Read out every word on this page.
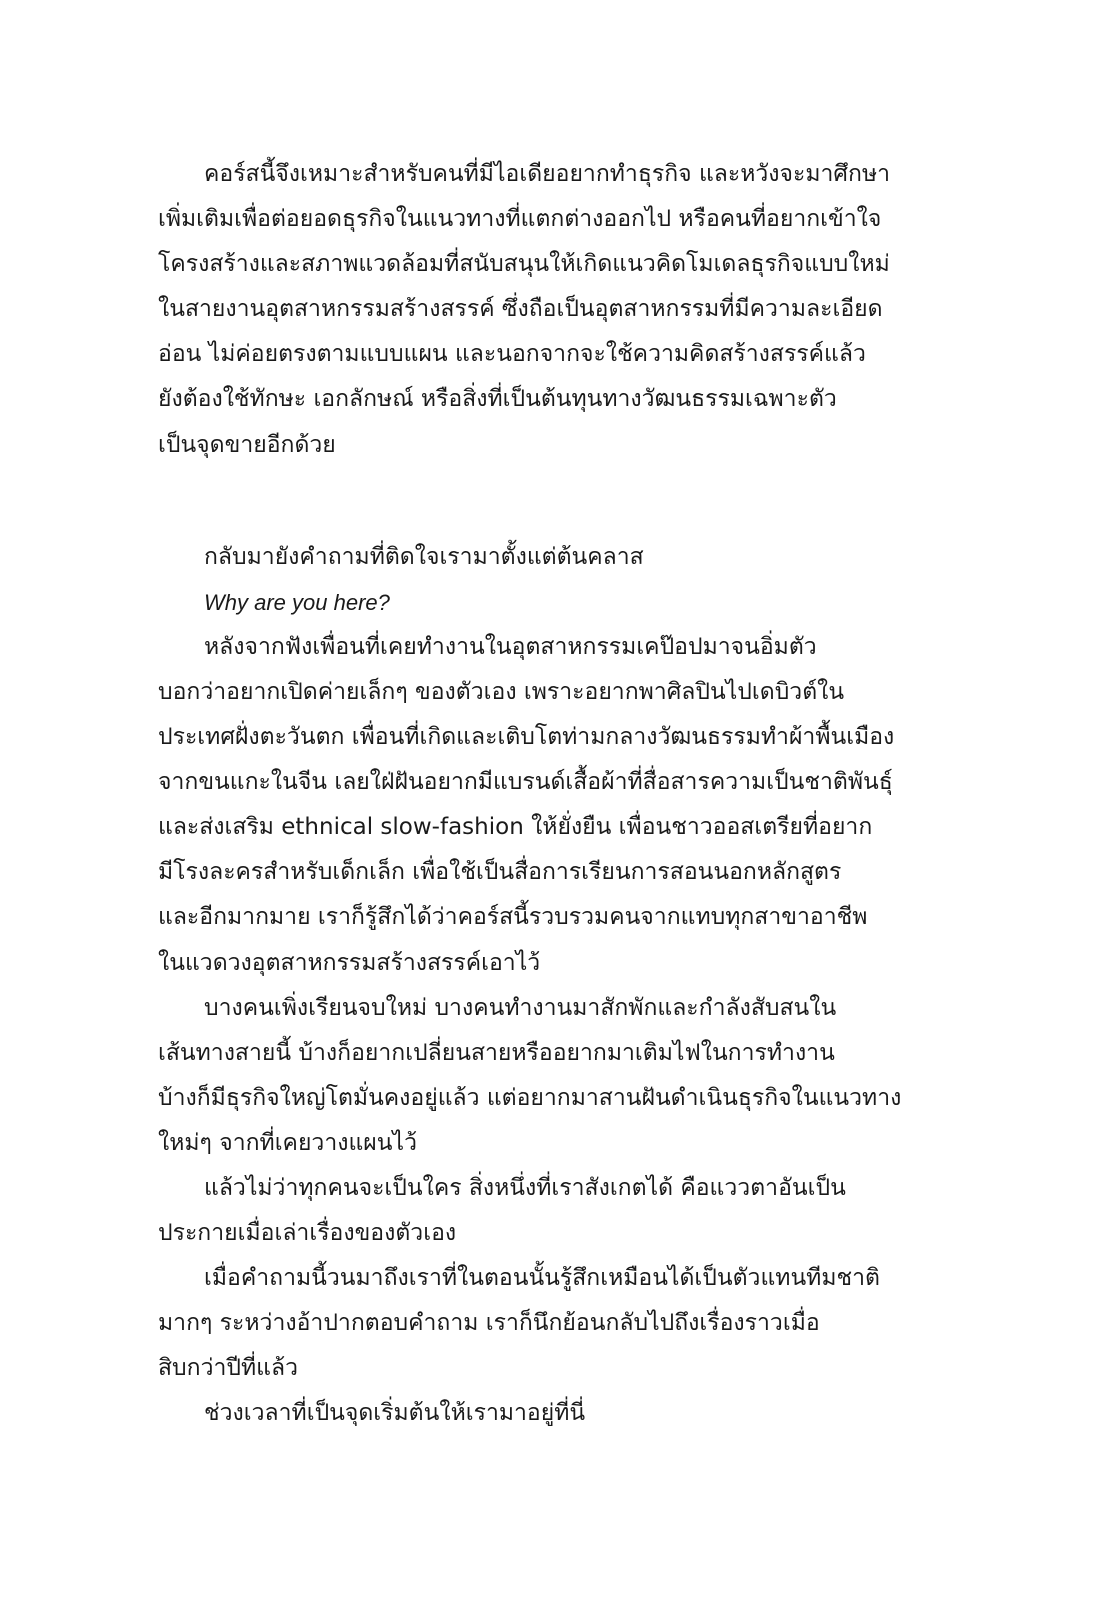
คอร์สนี้จึงเหมาะสำหรับคนที่มีไอเดียอยากทำธุรกิจ และหวังจะมาศึกษา
เพิ่มเติมเพื่อต่อยอดธุรกิจในแนวทางที่แตกต่างออกไป หรือคนที่อยากเข้าใจ
โครงสร้างและสภาพแวดล้อมที่สนับสนุนให้เกิดแนวคิดโมเดลธุรกิจแบบใหม่
ในสายงานอุตสาหกรรมสร้างสรรค์ ซึ่งถือเป็นอุตสาหกรรมที่มีความละเอียด
อ่อน ไม่ค่อยตรงตามแบบแผน และนอกจากจะใช้ความคิดสร้างสรรค์แล้ว
ยังต้องใช้ทักษะ เอกลักษณ์ หรือสิ่งที่เป็นต้นทุนทางวัฒนธรรมเฉพาะตัว
เป็นจุดขายอีกด้วย
กลับมายังคำถามที่ติดใจเรามาตั้งแต่ต้นคลาส
Why are you here?
หลังจากฟังเพื่อนที่เคยทำงานในอุตสาหกรรมเคป๊อปมาจนอิ่มตัว
บอกว่าอยากเปิดค่ายเล็กๆ ของตัวเอง เพราะอยากพาศิลปินไปเดบิวต์ใน
ประเทศฝั่งตะวันตก เพื่อนที่เกิดและเติบโตท่ามกลางวัฒนธรรมทำผ้าพื้นเมือง
จากขนแกะในจีน เลยใฝ่ฝันอยากมีแบรนด์เสื้อผ้าที่สื่อสารความเป็นชาติพันธุ์
และส่งเสริม ethnical slow-fashion ให้ยั่งยืน เพื่อนชาวออสเตรียที่อยาก
มีโรงละครสำหรับเด็กเล็ก เพื่อใช้เป็นสื่อการเรียนการสอนนอกหลักสูตร
และอีกมากมาย เราก็รู้สึกได้ว่าคอร์สนี้รวบรวมคนจากแทบทุกสาขาอาชีพ
ในแวดวงอุตสาหกรรมสร้างสรรค์เอาไว้
บางคนเพิ่งเรียนจบใหม่ บางคนทำงานมาสักพักและกำลังสับสนใน
เส้นทางสายนี้ บ้างก็อยากเปลี่ยนสายหรืออยากมาเติมไฟในการทำงาน
บ้างก็มีธุรกิจใหญ่โตมั่นคงอยู่แล้ว แต่อยากมาสานฝันดำเนินธุรกิจในแนวทาง
ใหม่ๆ จากที่เคยวางแผนไว้
แล้วไม่ว่าทุกคนจะเป็นใคร สิ่งหนึ่งที่เราสังเกตได้ คือแววตาอันเป็น
ประกายเมื่อเล่าเรื่องของตัวเอง
เมื่อคำถามนี้วนมาถึงเราที่ในตอนนั้นรู้สึกเหมือนได้เป็นตัวแทนทีมชาติ
มากๆ ระหว่างอ้าปากตอบคำถาม เราก็นึกย้อนกลับไปถึงเรื่องราวเมื่อ
สิบกว่าปีที่แล้ว
ช่วงเวลาที่เป็นจุดเริ่มต้นให้เรามาอยู่ที่นี่
